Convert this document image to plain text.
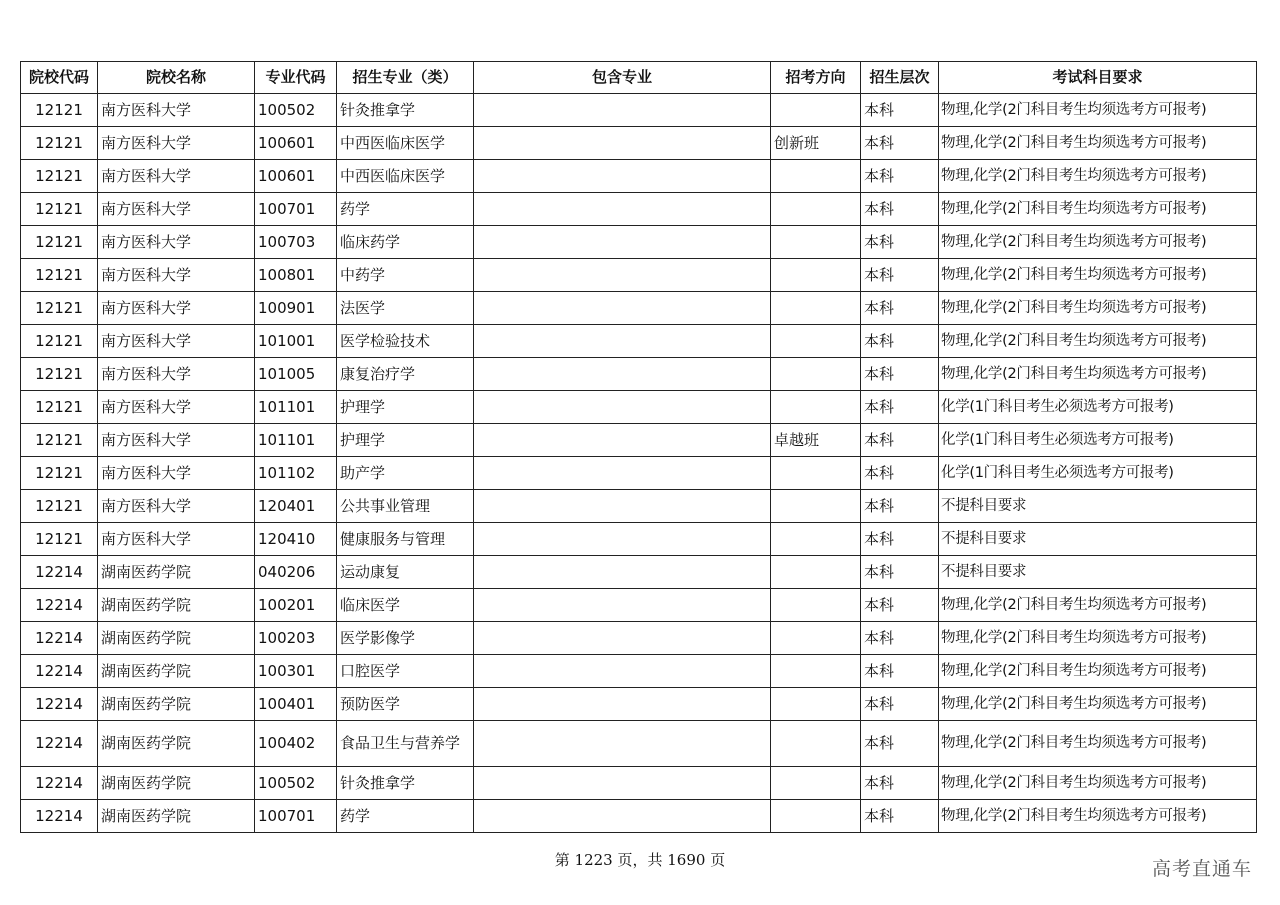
院校代码	院校名称	专业代码	招生专业（类）	包含专业	招考方向	招生层次	考试科目要求
12121	南方医科大学	100502	针灸推拿学			本科	物理,化学(2门科目考生均须选考方可报考)
12121	南方医科大学	100601	中西医临床医学		创新班	本科	物理,化学(2门科目考生均须选考方可报考)
12121	南方医科大学	100601	中西医临床医学			本科	物理,化学(2门科目考生均须选考方可报考)
12121	南方医科大学	100701	药学			本科	物理,化学(2门科目考生均须选考方可报考)
12121	南方医科大学	100703	临床药学			本科	物理,化学(2门科目考生均须选考方可报考)
12121	南方医科大学	100801	中药学			本科	物理,化学(2门科目考生均须选考方可报考)
12121	南方医科大学	100901	法医学			本科	物理,化学(2门科目考生均须选考方可报考)
12121	南方医科大学	101001	医学检验技术			本科	物理,化学(2门科目考生均须选考方可报考)
12121	南方医科大学	101005	康复治疗学			本科	物理,化学(2门科目考生均须选考方可报考)
12121	南方医科大学	101101	护理学			本科	化学(1门科目考生必须选考方可报考)
12121	南方医科大学	101101	护理学		卓越班	本科	化学(1门科目考生必须选考方可报考)
12121	南方医科大学	101102	助产学			本科	化学(1门科目考生必须选考方可报考)
12121	南方医科大学	120401	公共事业管理			本科	不提科目要求
12121	南方医科大学	120410	健康服务与管理			本科	不提科目要求
12214	湖南医药学院	040206	运动康复			本科	不提科目要求
12214	湖南医药学院	100201	临床医学			本科	物理,化学(2门科目考生均须选考方可报考)
12214	湖南医药学院	100203	医学影像学			本科	物理,化学(2门科目考生均须选考方可报考)
12214	湖南医药学院	100301	口腔医学			本科	物理,化学(2门科目考生均须选考方可报考)
12214	湖南医药学院	100401	预防医学			本科	物理,化学(2门科目考生均须选考方可报考)
12214	湖南医药学院	100402	食品卫生与营养学			本科	物理,化学(2门科目考生均须选考方可报考)
12214	湖南医药学院	100502	针灸推拿学			本科	物理,化学(2门科目考生均须选考方可报考)
12214	湖南医药学院	100701	药学			本科	物理,化学(2门科目考生均须选考方可报考)
第 1223 页，共 1690 页	高考直通车
